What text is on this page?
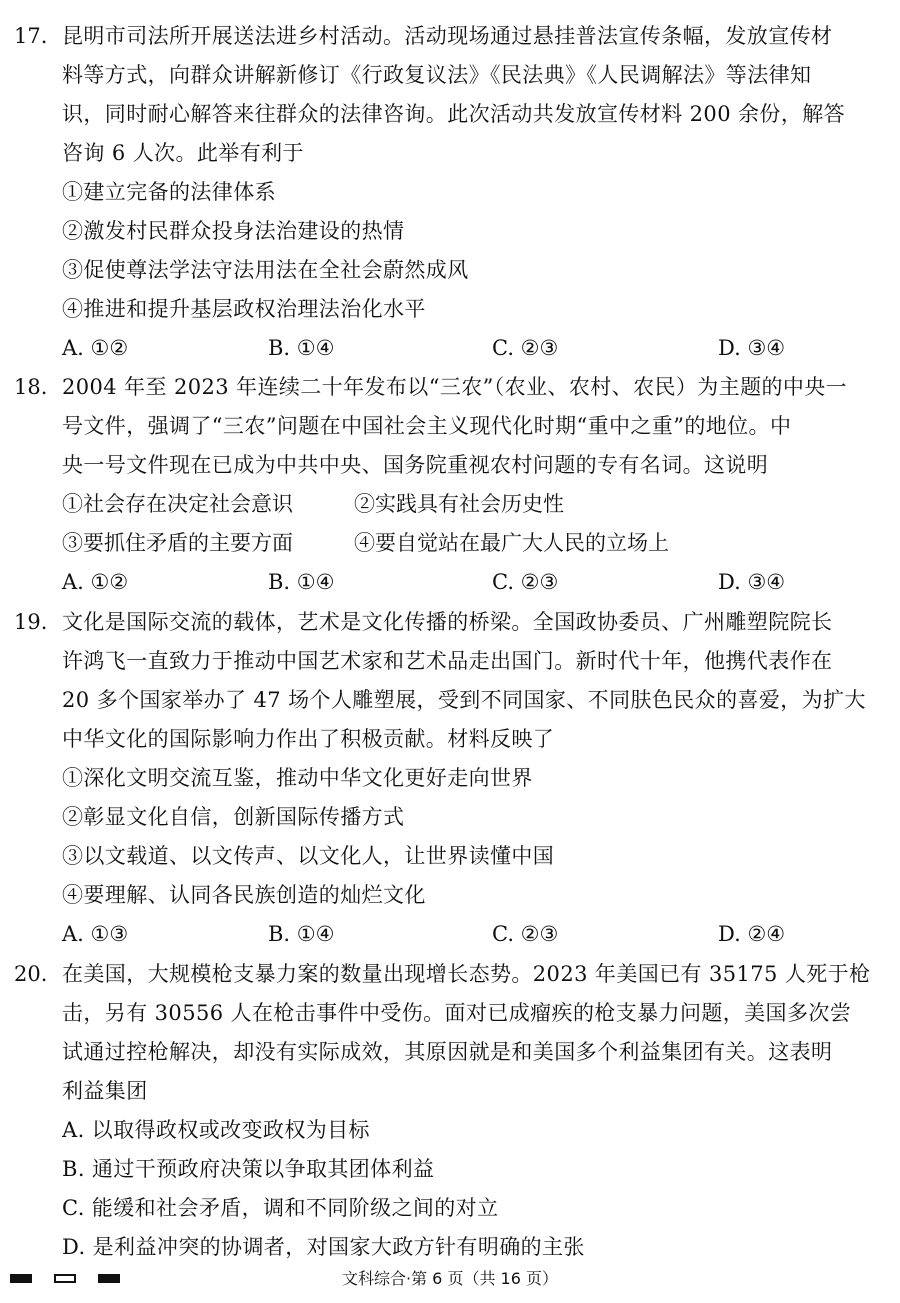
17. 昆明市司法所开展送法进乡村活动。活动现场通过悬挂普法宣传条幅，发放宣传材
料等方式，向群众讲解新修订《行政复议法》《民法典》《人民调解法》等法律知
识，同时耐心解答来往群众的法律咨询。此次活动共发放宣传材料 200 余份，解答
咨询 6 人次。此举有利于
①建立完备的法律体系
②激发村民群众投身法治建设的热情
③促使尊法学法守法用法在全社会蔚然成风
④推进和提升基层政权治理法治化水平
A. ①②	B. ①④	C. ②③	D. ③④
18. 2004 年至 2023 年连续二十年发布以“三农”（农业、农村、农民）为主题的中央一
号文件，强调了“三农”问题在中国社会主义现代化时期“重中之重”的地位。中
央一号文件现在已成为中共中央、国务院重视农村问题的专有名词。这说明
①社会存在决定社会意识	②实践具有社会历史性
③要抓住矛盾的主要方面	④要自觉站在最广大人民的立场上
A. ①②	B. ①④	C. ②③	D. ③④
19. 文化是国际交流的载体，艺术是文化传播的桥梁。全国政协委员、广州雕塑院院长
许鸿飞一直致力于推动中国艺术家和艺术品走出国门。新时代十年，他携代表作在
20 多个国家举办了 47 场个人雕塑展，受到不同国家、不同肤色民众的喜爱，为扩大
中华文化的国际影响力作出了积极贡献。材料反映了
①深化文明交流互鉴，推动中华文化更好走向世界
②彰显文化自信，创新国际传播方式
③以文载道、以文传声、以文化人，让世界读懂中国
④要理解、认同各民族创造的灿烂文化
A. ①③	B. ①④	C. ②③	D. ②④
20. 在美国，大规模枪支暴力案的数量出现增长态势。2023 年美国已有 35175 人死于枪
击，另有 30556 人在枪击事件中受伤。面对已成瘤疾的枪支暴力问题，美国多次尝
试通过控枪解决，却没有实际成效，其原因就是和美国多个利益集团有关。这表明
利益集团
A. 以取得政权或改变政权为目标
B. 通过干预政府决策以争取其团体利益
C. 能缓和社会矛盾，调和不同阶级之间的对立
D. 是利益冲突的协调者，对国家大政方针有明确的主张
文科综合·第 6 页（共 16 页）
